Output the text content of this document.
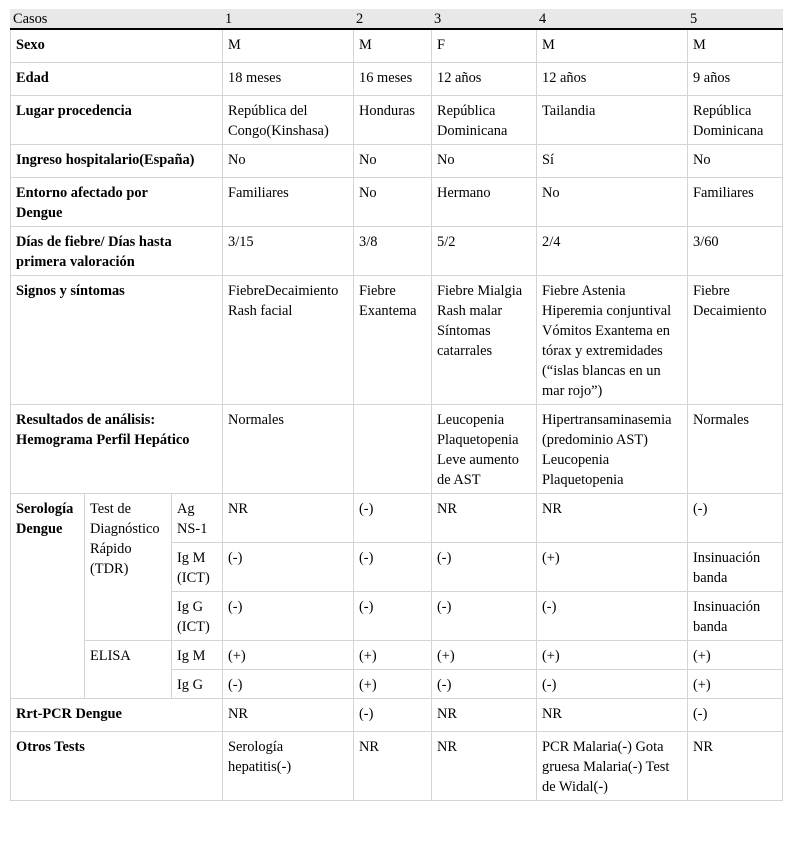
Casos			1	2	3	4	5
Sexo			M	M	F	M	M
Edad			18 meses	16 meses	12 años	12 años	9 años
Lugar procedencia			República del Congo(Kinshasa)	Honduras	República Dominicana	Tailandia	República Dominicana
Ingreso hospitalario(España)			No	No	No	Sí	No
Entorno afectado por Dengue			Familiares	No	Hermano	No	Familiares
Días de fiebre/ Días hasta primera valoración			3/15	3/8	5/2	2/4	3/60
Signos y síntomas			FiebreDecaimiento Rash facial	Fiebre Exantema	Fiebre Mialgia Rash malar Síntomas catarrales	Fiebre Astenia Hiperemia conjuntival Vómitos Exantema en tórax y extremidades (“islas blancas en un mar rojo”)	Fiebre Decaimiento
Resultados de análisis: Hemograma Perfil Hepático			Normales		Leucopenia Plaquetopenia Leve aumento de AST	Hipertransaminasemia (predominio AST) Leucopenia Plaquetopenia	Normales
Serología Dengue	Test de Diagnóstico Rápido (TDR)	Ag NS-1	NR	(-)	NR	NR	(-)
		Ig M (ICT)	(-)	(-)	(-)	(+)	Insinuación banda
		Ig G (ICT)	(-)	(-)	(-)	(-)	Insinuación banda
	ELISA	Ig M	(+)	(+)	(+)	(+)	(+)
		Ig G	(-)	(+)	(-)	(-)	(+)
Rrt-PCR Dengue			NR	(-)	NR	NR	(-)
Otros Tests			Serología hepatitis(-)	NR	NR	PCR Malaria(-) Gota gruesa Malaria(-) Test de Widal(-)	NR
